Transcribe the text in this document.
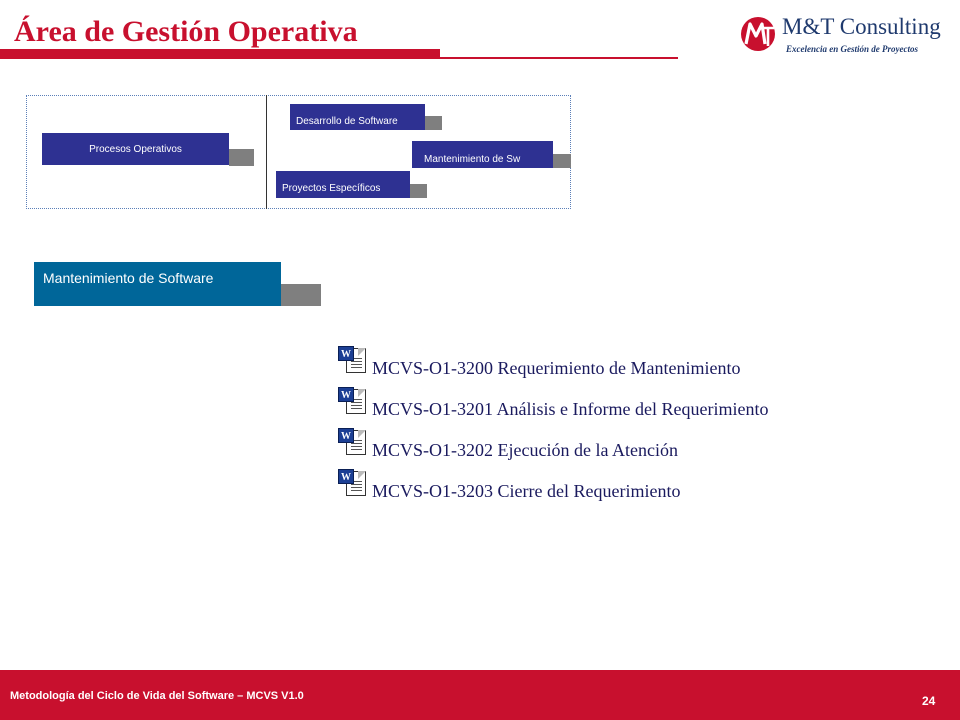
Área de Gestión Operativa	M&T Consulting
Excelencia en Gestión de Proyectos
Procesos Operativos
Desarrollo de Software
Mantenimiento de Sw
Proyectos Específicos
Mantenimiento de Software
W
MCVS-O1-3200 Requerimiento de Mantenimiento
W
MCVS-O1-3201 Análisis e Informe del Requerimiento
W
MCVS-O1-3202 Ejecución de la Atención
W
MCVS-O1-3203 Cierre del Requerimiento
Metodología del Ciclo de Vida del Software – MCVS V1.0	24
